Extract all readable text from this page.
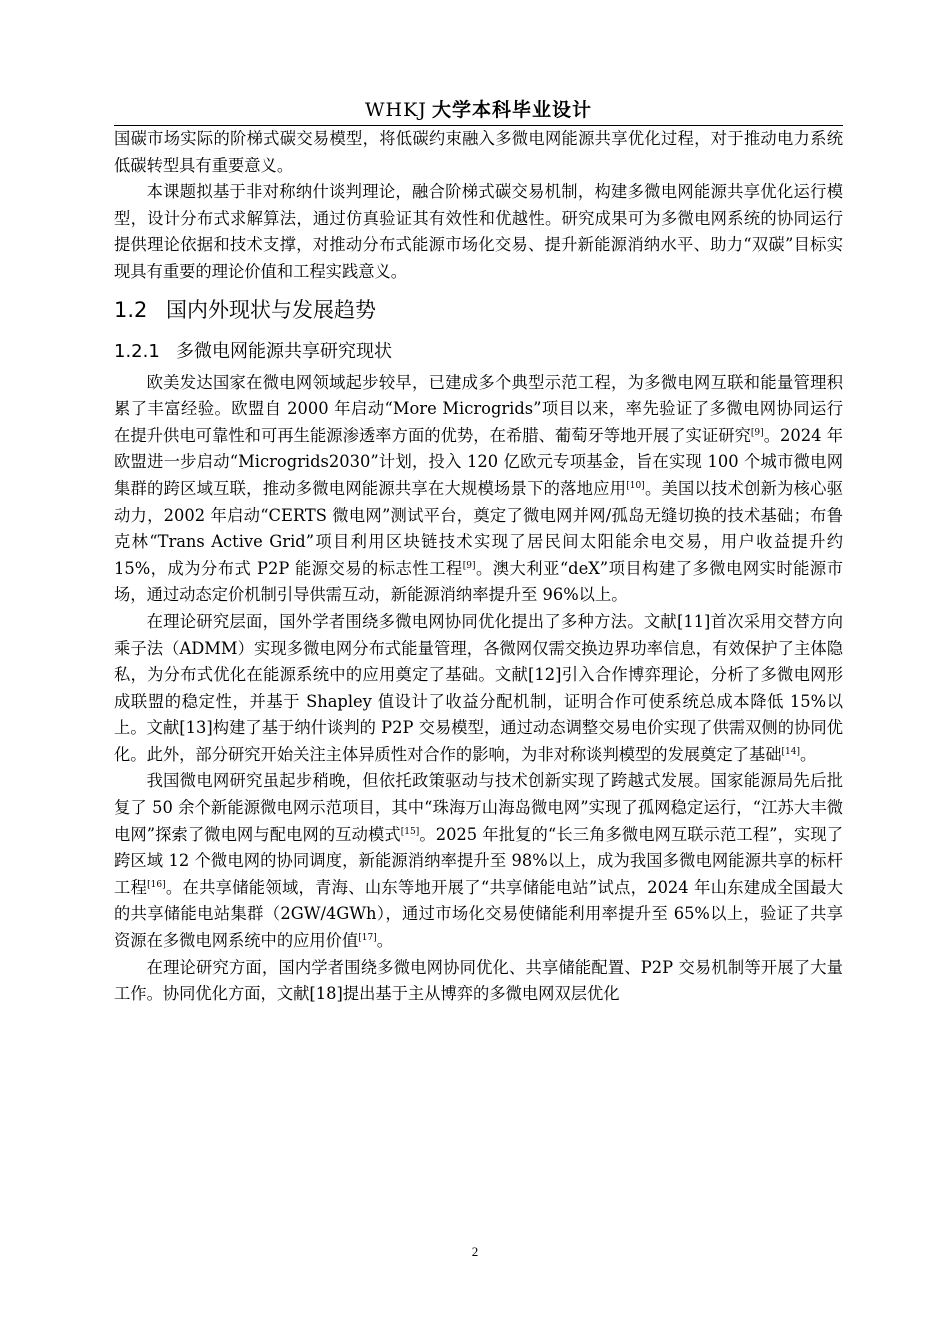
WHKJ 大学本科毕业设计

国碳市场实际的阶梯式碳交易模型，将低碳约束融入多微电网能源共享优化过程，对于推动电力系统低碳转型具有重要意义。

本课题拟基于非对称纳什谈判理论，融合阶梯式碳交易机制，构建多微电网能源共享优化运行模型，设计分布式求解算法，通过仿真验证其有效性和优越性。研究成果可为多微电网系统的协同运行提供理论依据和技术支撑，对推动分布式能源市场化交易、提升新能源消纳水平、助力“双碳”目标实现具有重要的理论价值和工程实践意义。

1.2 国内外现状与发展趋势
1.2.1 多微电网能源共享研究现状

欧美发达国家在微电网领域起步较早，已建成多个典型示范工程，为多微电网互联和能量管理积累了丰富经验。欧盟自 2000 年启动“More Microgrids”项目以来，率先验证了多微电网协同运行在提升供电可靠性和可再生能源渗透率方面的优势，在希腊、葡萄牙等地开展了实证研究[9]。2024 年欧盟进一步启动“Microgrids2030”计划，投入 120 亿欧元专项基金，旨在实现 100 个城市微电网集群的跨区域互联，推动多微电网能源共享在大规模场景下的落地应用[10]。美国以技术创新为核心驱动力，2002 年启动“CERTS 微电网”测试平台，奠定了微电网并网/孤岛无缝切换的技术基础；布鲁克林“Trans Active Grid”项目利用区块链技术实现了居民间太阳能余电交易，用户收益提升约 15%，成为分布式 P2P 能源交易的标志性工程[9]。澳大利亚“deX”项目构建了多微电网实时能源市场，通过动态定价机制引导供需互动，新能源消纳率提升至 96%以上。

在理论研究层面，国外学者围绕多微电网协同优化提出了多种方法。文献[11]首次采用交替方向乘子法（ADMM）实现多微电网分布式能量管理，各微网仅需交换边界功率信息，有效保护了主体隐私，为分布式优化在能源系统中的应用奠定了基础。文献[12]引入合作博弈理论，分析了多微电网形成联盟的稳定性，并基于 Shapley 值设计了收益分配机制，证明合作可使系统总成本降低 15%以上。文献[13]构建了基于纳什谈判的 P2P 交易模型，通过动态调整交易电价实现了供需双侧的协同优化。此外，部分研究开始关注主体异质性对合作的影响，为非对称谈判模型的发展奠定了基础[14]。

我国微电网研究虽起步稍晚，但依托政策驱动与技术创新实现了跨越式发展。国家能源局先后批复了 50 余个新能源微电网示范项目，其中“珠海万山海岛微电网”实现了孤网稳定运行，“江苏大丰微电网”探索了微电网与配电网的互动模式[15]。2025 年批复的“长三角多微电网互联示范工程”，实现了跨区域 12 个微电网的协同调度，新能源消纳率提升至 98%以上，成为我国多微电网能源共享的标杆工程[16]。在共享储能领域，青海、山东等地开展了“共享储能电站”试点，2024 年山东建成全国最大的共享储能电站集群（2GW/4GWh），通过市场化交易使储能利用率提升至 65%以上，验证了共享资源在多微电网系统中的应用价值[17]。

在理论研究方面，国内学者围绕多微电网协同优化、共享储能配置、P2P 交易机制等开展了大量工作。协同优化方面，文献[18]提出基于主从博弈的多微电网双层优化

2
